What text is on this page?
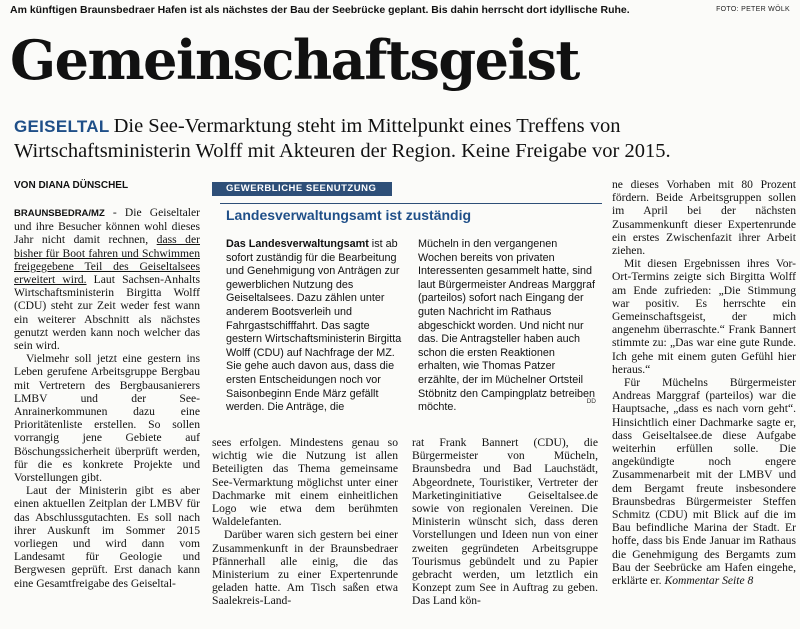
Am künftigen Braunsbedraer Hafen ist als nächstes der Bau der Seebrücke geplant. Bis dahin herrscht dort idyllische Ruhe.	FOTO: PETER WÖLK
Gemeinschaftsgeist
GEISELTAL Die See-Vermarktung steht im Mittelpunkt eines Treffens von Wirtschaftsministerin Wolff mit Akteuren der Region. Keine Freigabe vor 2015.
VON DIANA DÜNSCHEL

BRAUNSBEDRA/MZ - Die Geiseltaler und ihre Besucher können wohl dieses Jahr nicht damit rechnen, dass der bisher für Boot fahren und Schwimmen freigegebene Teil des Geiseltalsees erweitert wird. Laut Sachsen-Anhalts Wirtschaftsministerin Birgitta Wolff (CDU) steht zur Zeit weder fest wann ein weiterer Abschnitt als nächstes genutzt werden kann noch welcher das sein wird.

Vielmehr soll jetzt eine gestern ins Leben gerufene Arbeitsgruppe Bergbau mit Vertretern des Bergbausanierers LMBV und der See-Anrainerkommunen dazu eine Prioritätenliste erstellen. So sollen vorrangig jene Gebiete auf Böschungssicherheit überprüft werden, für die es konkrete Projekte und Vorstellungen gibt.

Laut der Ministerin gibt es aber einen aktuellen Zeitplan der LMBV für das Abschlussgutachten. Es soll nach ihrer Auskunft im Sommer 2015 vorliegen und wird dann vom Landesamt für Geologie und Bergwesen geprüft. Erst danach kann eine Gesamtfreigabe des Geiseltal-

GEWERBLICHE SEENUTZUNG
Landesverwaltungsamt ist zuständig
Das Landesverwaltungsamt ist ab sofort zuständig für die Bearbeitung und Genehmigung von Anträgen zur gewerblichen Nutzung des Geiseltalsees. Dazu zählen unter anderem Bootsverleih und Fahrgastschifffahrt. Das sagte gestern Wirtschaftsministerin Birgitta Wolff (CDU) auf Nachfrage der MZ. Sie gehe auch davon aus, dass die ersten Entscheidungen noch vor Saisonbeginn Ende März gefällt werden. Die Anträge, die
Mücheln in den vergangenen Wochen bereits von privaten Interessenten gesammelt hatte, sind laut Bürgermeister Andreas Marggraf (parteilos) sofort nach Eingang der guten Nachricht im Rathaus abgeschickt worden. Und nicht nur das. Die Antragsteller haben auch schon die ersten Reaktionen erhalten, wie Thomas Patzer erzählte, der im Müchelner Ortsteil Stöbnitz den Campingplatz betreiben möchte.	DD

sees erfolgen. Mindestens genau so wichtig wie die Nutzung ist allen Beteiligten das Thema gemeinsame See-Vermarktung möglichst unter einer Dachmarke mit einem einheitlichen Logo wie etwa dem berühmten Waldelefanten.

Darüber waren sich gestern bei einer Zusammenkunft in der Braunsbedraer Pfännerhall alle einig, die das Ministerium zu einer Expertenrunde geladen hatte. Am Tisch saßen etwa Saalekreis-Land-

rat Frank Bannert (CDU), die Bürgermeister von Mücheln, Braunsbedra und Bad Lauchstädt, Abgeordnete, Touristiker, Vertreter der Marketinginitiative Geiseltalsee.de sowie von regionalen Vereinen. Die Ministerin wünscht sich, dass deren Vorstellungen und Ideen nun von einer zweiten gegründeten Arbeitsgruppe Tourismus gebündelt und zu Papier gebracht werden, um letztlich ein Konzept zum See in Auftrag zu geben. Das Land kön-

ne dieses Vorhaben mit 80 Prozent fördern. Beide Arbeitsgruppen sollen im April bei der nächsten Zusammenkunft dieser Expertenrunde ein erstes Zwischenfazit ihrer Arbeit ziehen.

Mit diesen Ergebnissen ihres Vor-Ort-Termins zeigte sich Birgitta Wolff am Ende zufrieden: „Die Stimmung war positiv. Es herrschte ein Gemeinschaftsgeist, der mich angenehm überraschte.“ Frank Bannert stimmte zu: „Das war eine gute Runde. Ich gehe mit einem guten Gefühl hier heraus.“

Für Müchelns Bürgermeister Andreas Marggraf (parteilos) war die Hauptsache, „dass es nach vorn geht“. Hinsichtlich einer Dachmarke sagte er, dass Geiseltalsee.de diese Aufgabe weiterhin erfüllen solle. Die angekündigte noch engere Zusammenarbeit mit der LMBV und dem Bergamt freute insbesondere Braunsbedras Bürgermeister Steffen Schmitz (CDU) mit Blick auf die im Bau befindliche Marina der Stadt. Er hoffe, dass bis Ende Januar im Rathaus die Genehmigung des Bergamts zum Bau der Seebrücke am Hafen eingehe, erklärte er. Kommentar Seite 8
